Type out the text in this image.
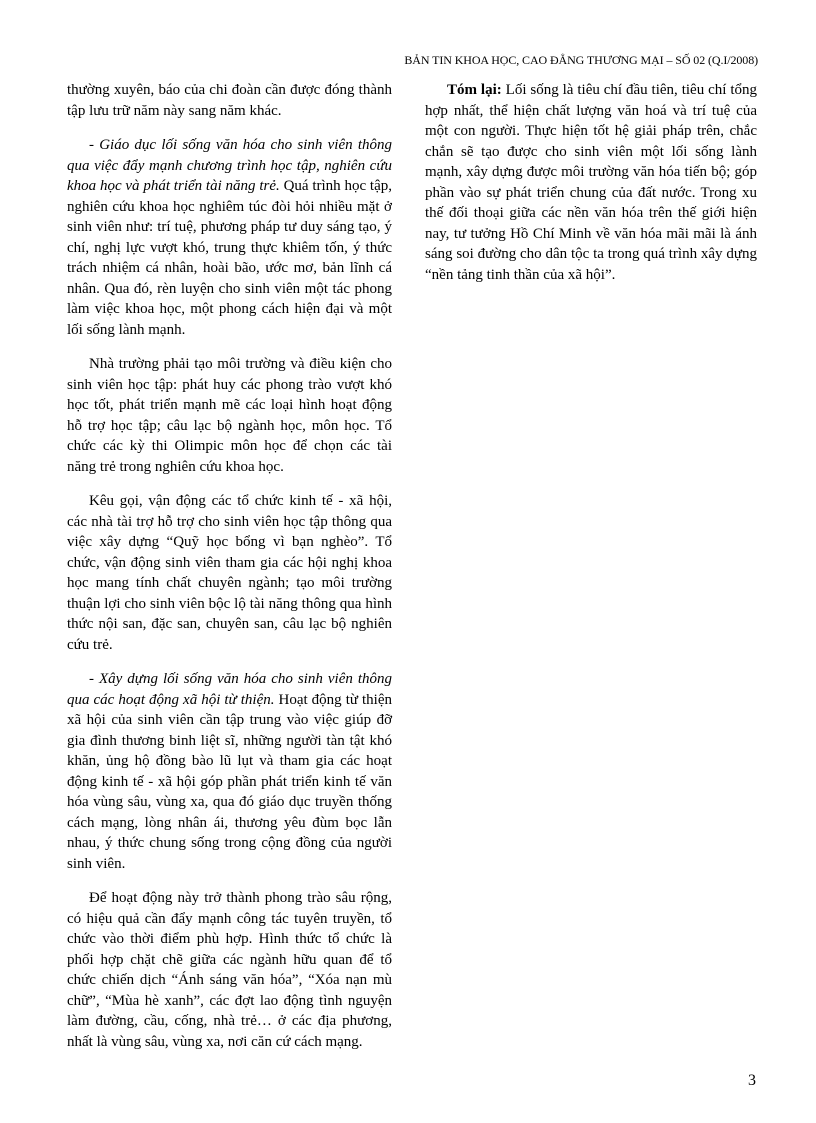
BẢN TIN KHOA HỌC, CAO ĐẲNG THƯƠNG MẠI – SỐ 02 (Q.I/2008)

thường xuyên, báo của chi đoàn cần được đóng thành tập lưu trữ năm này sang năm khác.

- Giáo dục lối sống văn hóa cho sinh viên thông qua việc đẩy mạnh chương trình học tập, nghiên cứu khoa học và phát triển tài năng trẻ. Quá trình học tập, nghiên cứu khoa học nghiêm túc đòi hỏi nhiều mặt ở sinh viên như: trí tuệ, phương pháp tư duy sáng tạo, ý chí, nghị lực vượt khó, trung thực khiêm tốn, ý thức trách nhiệm cá nhân, hoài bão, ước mơ, bản lĩnh cá nhân. Qua đó, rèn luyện cho sinh viên một tác phong làm việc khoa học, một phong cách hiện đại và một lối sống lành mạnh.

Nhà trường phải tạo môi trường và điều kiện cho sinh viên học tập: phát huy các phong trào vượt khó học tốt, phát triển mạnh mẽ các loại hình hoạt động hỗ trợ học tập; câu lạc bộ ngành học, môn học. Tổ chức các kỳ thi Olimpic môn học để chọn các tài năng trẻ trong nghiên cứu khoa học.

Kêu gọi, vận động các tổ chức kinh tế - xã hội, các nhà tài trợ hỗ trợ cho sinh viên học tập thông qua việc xây dựng “Quỹ học bổng vì bạn nghèo”. Tổ chức, vận động sinh viên tham gia các hội nghị khoa học mang tính chất chuyên ngành; tạo môi trường thuận lợi cho sinh viên bộc lộ tài năng thông qua hình thức nội san, đặc san, chuyên san, câu lạc bộ nghiên cứu trẻ.

- Xây dựng lối sống văn hóa cho sinh viên thông qua các hoạt động xã hội từ thiện. Hoạt động từ thiện xã hội của sinh viên cần tập trung vào việc giúp đỡ gia đình thương binh liệt sĩ, những người tàn tật khó khăn, ủng hộ đồng bào lũ lụt và tham gia các hoạt động kinh tế - xã hội góp phần phát triển kinh tế văn hóa vùng sâu, vùng xa, qua đó giáo dục truyền thống cách mạng, lòng nhân ái, thương yêu đùm bọc lẫn nhau, ý thức chung sống trong cộng đồng của người sinh viên.

Để hoạt động này trở thành phong trào sâu rộng, có hiệu quả cần đẩy mạnh công tác tuyên truyền, tổ chức vào thời điểm phù hợp. Hình thức tổ chức là phối hợp chặt chẽ giữa các ngành hữu quan để tổ chức chiến dịch “Ánh sáng văn hóa”, “Xóa nạn mù chữ”, “Mùa hè xanh”, các đợt lao động tình nguyện làm đường, cầu, cống, nhà trẻ… ở các địa phương, nhất là vùng sâu, vùng xa, nơi căn cứ cách mạng.

Tóm lại: Lối sống là tiêu chí đầu tiên, tiêu chí tổng hợp nhất, thể hiện chất lượng văn hoá và trí tuệ của một con người. Thực hiện tốt hệ giải pháp trên, chắc chắn sẽ tạo được cho sinh viên một lối sống lành mạnh, xây dựng được môi trường văn hóa tiến bộ; góp phần vào sự phát triển chung của đất nước. Trong xu thế đối thoại giữa các nền văn hóa trên thế giới hiện nay, tư tưởng Hồ Chí Minh về văn hóa mãi mãi là ánh sáng soi đường cho dân tộc ta trong quá trình xây dựng “nền tảng tinh thần của xã hội”.

3
